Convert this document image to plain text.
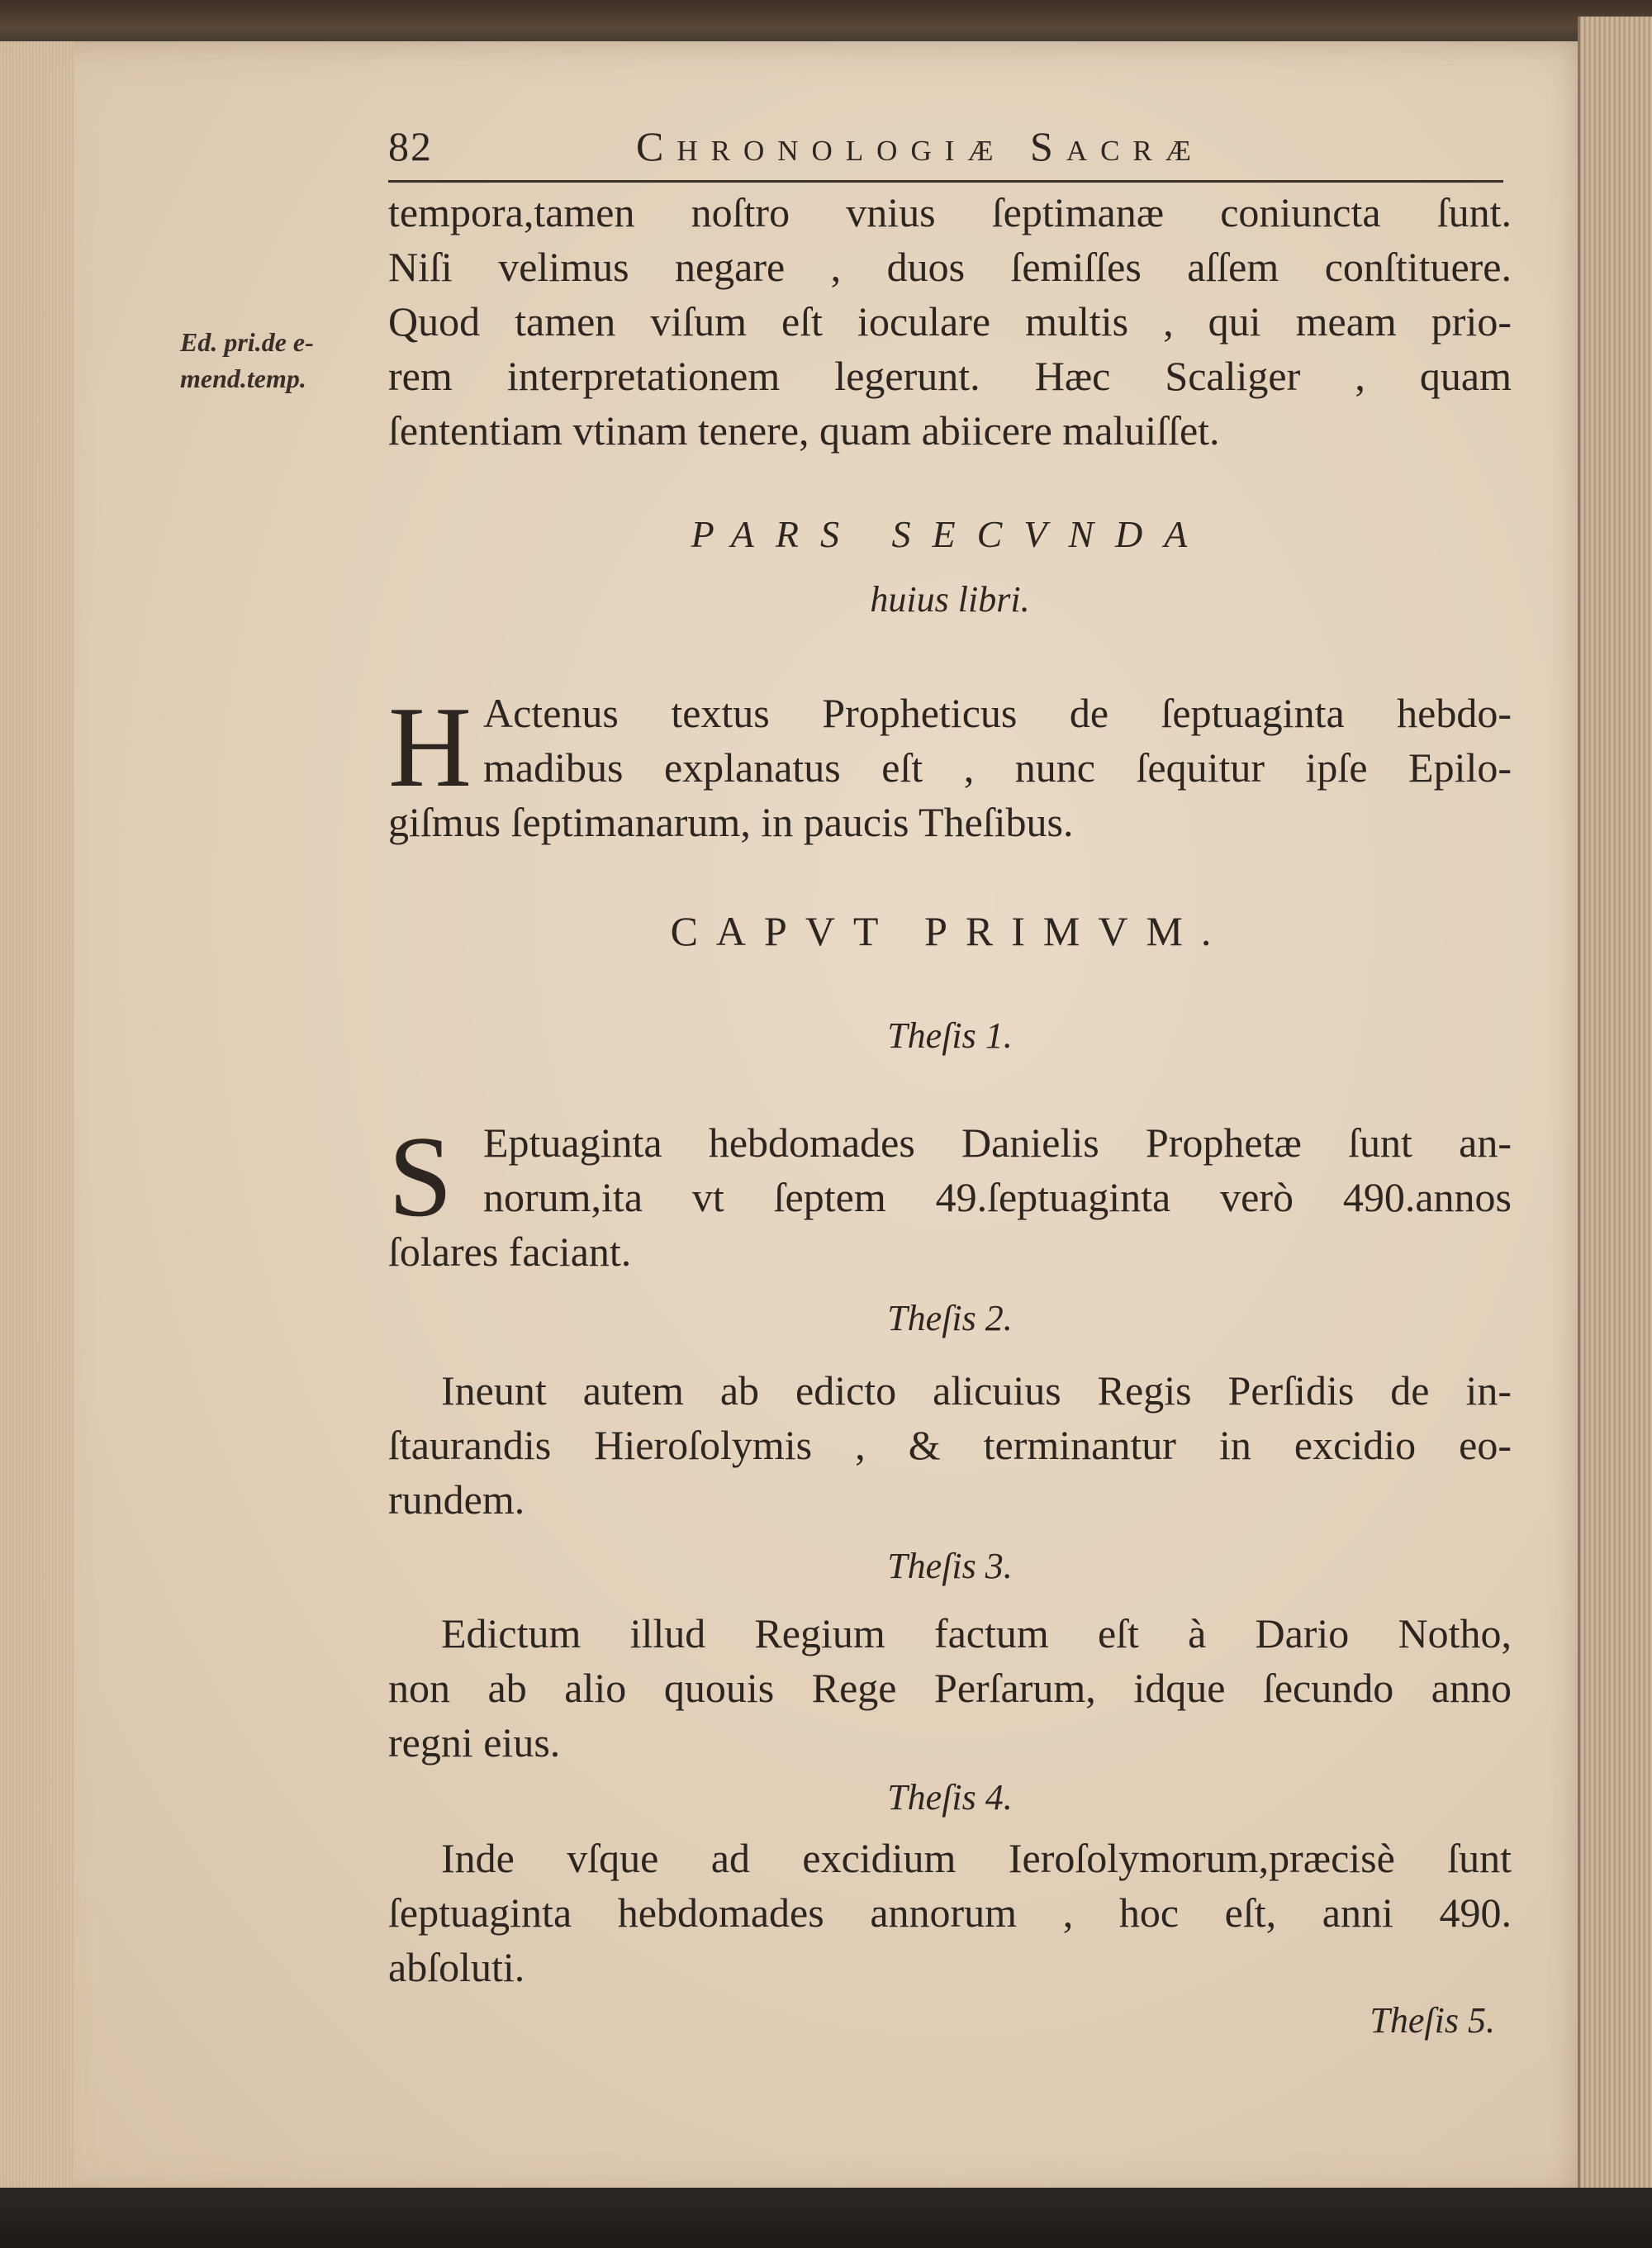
82	Chronologiæ Sacræ
Ed. pri.de e-
mend.temp.
tempora,tamen noſtro vnius ſeptimanæ coniuncta ſunt.
Niſi velimus negare , duos ſemiſſes aſſem conſtituere.
Quod tamen viſum eſt ioculare multis , qui meam prio-
rem interpretationem legerunt. Hæc Scaliger , quam
ſententiam vtinam tenere, quam abiicere maluiſſet.
PARS SECVNDA
huius libri.
H Actenus textus Propheticus de ſeptuaginta hebdo-
madibus explanatus eſt , nunc ſequitur ipſe Epilo-
giſmus ſeptimanarum, in paucis Theſibus.
CAPVT PRIMVM.
Theſis 1.
S Eptuaginta hebdomades Danielis Prophetæ ſunt an-
norum,ita vt ſeptem 49.ſeptuaginta verò 490.annos
ſolares faciant.
Theſis 2.
Ineunt autem ab edicto alicuius Regis Perſidis de in-
ſtaurandis Hieroſolymis , & terminantur in excidio eo-
rundem.
Theſis 3.
Edictum illud Regium factum eſt à Dario Notho,
non ab alio quouis Rege Perſarum, idque ſecundo anno
regni eius.
Theſis 4.
Inde vſque ad excidium Ieroſolymorum,præcisè ſunt
ſeptuaginta hebdomades annorum , hoc eſt, anni 490.
abſoluti.
Theſis 5.
